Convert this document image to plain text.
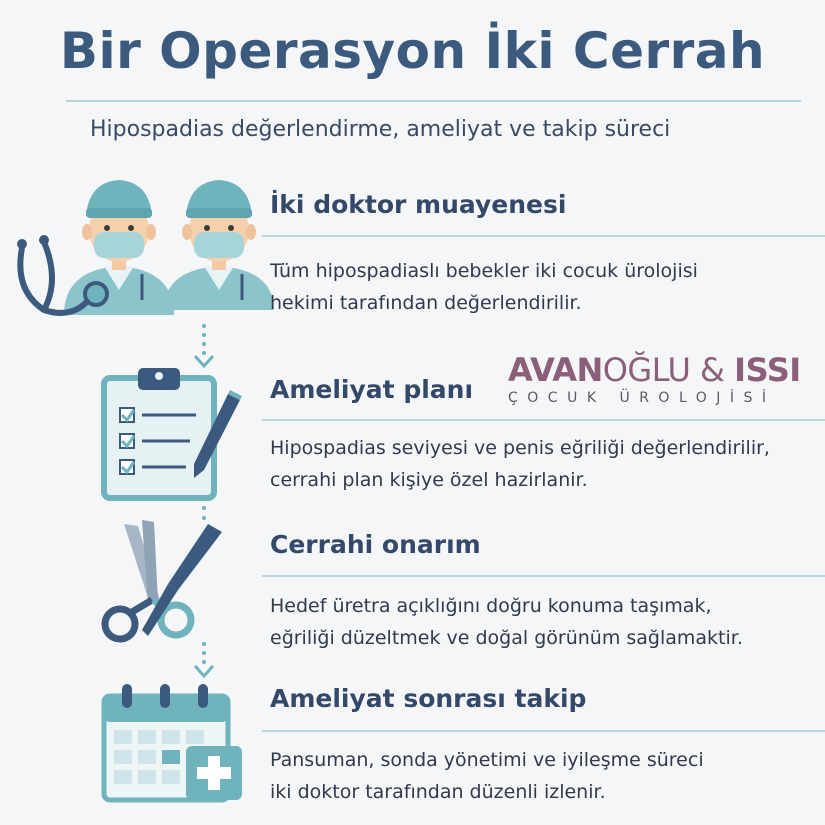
Bir Operasyon İki Cerrah
Hipospadias değerlendirme, ameliyat ve takip süreci
İki doktor muayenesi
Tüm hipospadiaslı bebekler iki cocuk ürolojisi
hekimi tarafından değerlendirilir.
Ameliyat planı
AVANOĞLU & ISSI
ÇOCUK ÜROLOJİSİ
Hipospadias seviyesi ve penis eğriliği değerlendirilir,
cerrahi plan kişiye özel hazirlanir.
Cerrahi onarım
Hedef üretra açıklığını doğru konuma taşımak,
eğriliği düzeltmek ve doğal görünüm sağlamaktir.
Ameliyat sonrası takip
Pansuman, sonda yönetimi ve iyileşme süreci
iki doktor tarafından düzenli izlenir.
